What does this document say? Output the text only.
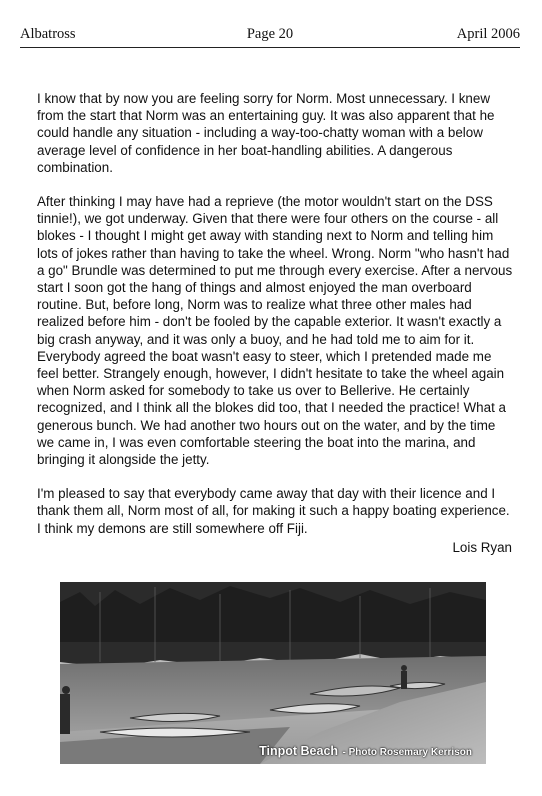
Albatross	Page 20	April 2006

I know that by now you are feeling sorry for Norm. Most unnecessary. I knew from the start that Norm was an entertaining guy. It was also apparent that he could handle any situation - including a way-too-chatty woman with a below average level of confidence in her boat-handling abilities. A dangerous combination.

After thinking I may have had a reprieve (the motor wouldn't start on the DSS tinnie!), we got underway. Given that there were four others on the course - all blokes - I thought I might get away with standing next to Norm and telling him lots of jokes rather than having to take the wheel. Wrong. Norm "who hasn't had a go" Brundle was determined to put me through every exercise. After a nervous start I soon got the hang of things and almost enjoyed the man overboard routine. But, before long, Norm was to realize what three other males had realized before him - don't be fooled by the capable exterior. It wasn't exactly a big crash anyway, and it was only a buoy, and he had told me to aim for it. Everybody agreed the boat wasn't easy to steer, which I pretended made me feel better. Strangely enough, however, I didn't hesitate to take the wheel again when Norm asked for somebody to take us over to Bellerive. He certainly recognized, and I think all the blokes did too, that I needed the practice! What a generous bunch. We had another two hours out on the water, and by the time we came in, I was even comfortable steering the boat into the marina, and bringing it alongside the jetty.

I'm pleased to say that everybody came away that day with their licence and I thank them all, Norm most of all, for making it such a happy boating experience. I think my demons are still somewhere off Fiji.

Lois Ryan
Tinpot Beach - Photo Rosemary Kerrison
